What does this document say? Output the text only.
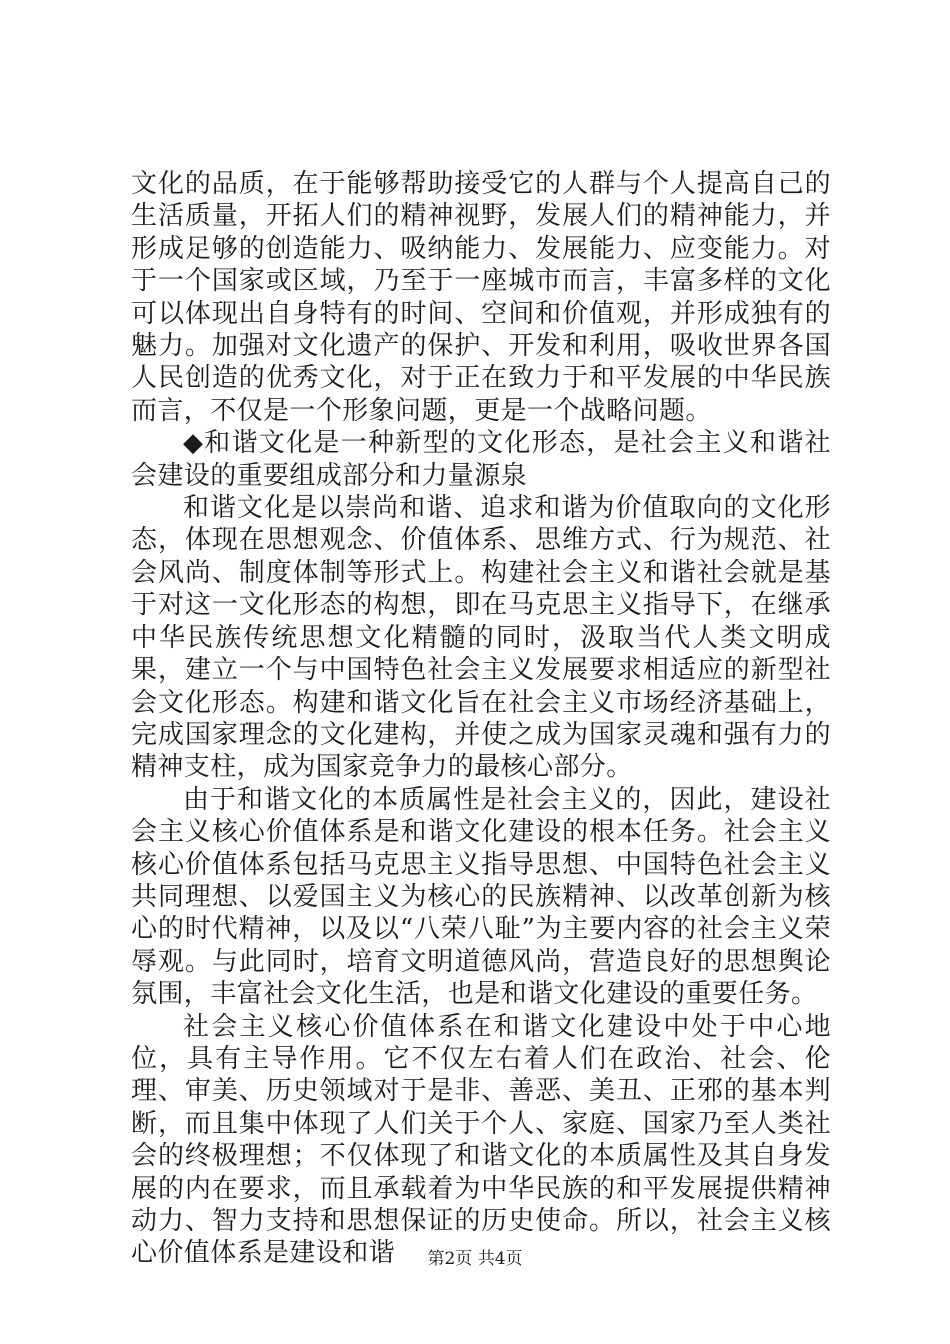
文化的品质，在于能够帮助接受它的人群与个人提高自己的生活质量，开拓人们的精神视野，发展人们的精神能力，并形成足够的创造能力、吸纳能力、发展能力、应变能力。对于一个国家或区域，乃至于一座城市而言，丰富多样的文化可以体现出自身特有的时间、空间和价值观，并形成独有的魅力。加强对文化遗产的保护、开发和利用，吸收世界各国人民创造的优秀文化，对于正在致力于和平发展的中华民族而言，不仅是一个形象问题，更是一个战略问题。

◆和谐文化是一种新型的文化形态，是社会主义和谐社会建设的重要组成部分和力量源泉

和谐文化是以崇尚和谐、追求和谐为价值取向的文化形态，体现在思想观念、价值体系、思维方式、行为规范、社会风尚、制度体制等形式上。构建社会主义和谐社会就是基于对这一文化形态的构想，即在马克思主义指导下，在继承中华民族传统思想文化精髓的同时，汲取当代人类文明成果，建立一个与中国特色社会主义发展要求相适应的新型社会文化形态。构建和谐文化旨在社会主义市场经济基础上，完成国家理念的文化建构，并使之成为国家灵魂和强有力的精神支柱，成为国家竞争力的最核心部分。

由于和谐文化的本质属性是社会主义的，因此，建设社会主义核心价值体系是和谐文化建设的根本任务。社会主义核心价值体系包括马克思主义指导思想、中国特色社会主义共同理想、以爱国主义为核心的民族精神、以改革创新为核心的时代精神，以及以“八荣八耻”为主要内容的社会主义荣辱观。与此同时，培育文明道德风尚，营造良好的思想舆论氛围，丰富社会文化生活，也是和谐文化建设的重要任务。

社会主义核心价值体系在和谐文化建设中处于中心地位，具有主导作用。它不仅左右着人们在政治、社会、伦理、审美、历史领域对于是非、善恶、美丑、正邪的基本判断，而且集中体现了人们关于个人、家庭、国家乃至人类社会的终极理想；不仅体现了和谐文化的本质属性及其自身发展的内在要求，而且承载着为中华民族的和平发展提供精神动力、智力支持和思想保证的历史使命。所以，社会主义核心价值体系是建设和谐	第2页 共4页
